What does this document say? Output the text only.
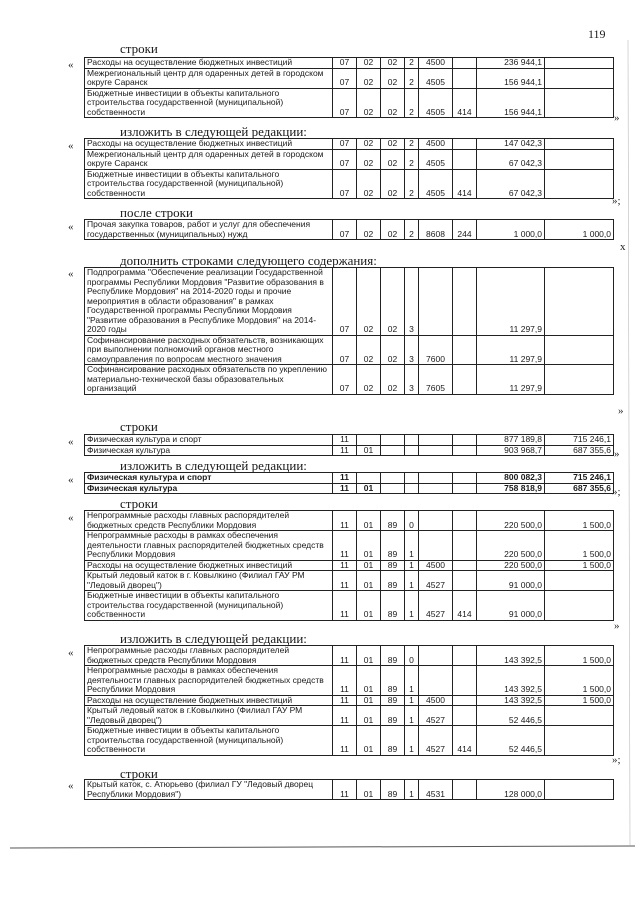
119
строки
изложить в следующей редакции:
после строки
дополнить строками следующего содержания:
строки
изложить в следующей редакции:
строки
изложить в следующей редакции:
строки
«
»
«
»;
«
x
«
»
«
»
«
»;
«
»
«
»;
«
Расходы на осуществление бюджетных инвестиций	07	02	02	2	4500		236 944,1	
Межрегиональный центр для одаренных детей в городском округе Саранск	07	02	02	2	4505		156 944,1	
Бюджетные инвестиции в объекты капитального строительства государственной (муниципальной) собственности	07	02	02	2	4505	414	156 944,1	
Расходы на осуществление бюджетных инвестиций	07	02	02	2	4500		147 042,3	
Межрегиональный центр для одаренных детей в городском округе Саранск	07	02	02	2	4505		67 042,3	
Бюджетные инвестиции в объекты капитального строительства государственной (муниципальной) собственности	07	02	02	2	4505	414	67 042,3	
Прочая закупка товаров, работ и услуг для обеспечения государственных (муниципальных) нужд	07	02	02	2	8608	244	1 000,0	1 000,0
Подпрограмма "Обеспечение реализации Государственной программы Республики Мордовия "Развитие образования в Республике Мордовия" на 2014-2020 годы и прочие мероприятия в области образования" в рамках Государственной программы Республики Мордовия "Развитие образования в Республике Мордовия" на 2014-2020 годы	07	02	02	3			11 297,9	
Софинансирование расходных обязательств, возникающих при выполнении полномочий органов местного самоуправления по вопросам местного значения	07	02	02	3	7600		11 297,9	
Софинансирование расходных обязательств по укреплению материально-технической базы образовательных организаций	07	02	02	3	7605		11 297,9	
Физическая культура и спорт	11						877 189,8	715 246,1
Физическая культура	11	01					903 968,7	687 355,6
Физическая культура и спорт	11						800 082,3	715 246,1
Физическая культура	11	01					758 818,9	687 355,6
Непрограммные расходы главных распорядителей бюджетных средств Республики Мордовия	11	01	89	0			220 500,0	1 500,0
Непрограммные расходы в рамках обеспечения деятельности главных распорядителей бюджетных средств Республики Мордовия	11	01	89	1			220 500,0	1 500,0
Расходы на осуществление бюджетных инвестиций	11	01	89	1	4500		220 500,0	1 500,0
Крытый ледовый каток в г. Ковылкино (Филиал ГАУ РМ "Ледовый дворец")	11	01	89	1	4527		91 000,0	
Бюджетные инвестиции в объекты капитального строительства государственной (муниципальной) собственности	11	01	89	1	4527	414	91 000,0	
Непрограммные расходы главных распорядителей бюджетных средств Республики Мордовия	11	01	89	0			143 392,5	1 500,0
Непрограммные расходы в рамках обеспечения деятельности главных распорядителей бюджетных средств Республики Мордовия	11	01	89	1			143 392,5	1 500,0
Расходы на осуществление бюджетных инвестиций	11	01	89	1	4500		143 392,5	1 500,0
Крытый ледовый каток в г.Ковылкино (Филиал ГАУ РМ "Ледовый дворец")	11	01	89	1	4527		52 446,5	
Бюджетные инвестиции в объекты капитального строительства государственной (муниципальной) собственности	11	01	89	1	4527	414	52 446,5	
Крытый каток, с. Атюрьево (филиал ГУ "Ледовый дворец Республики Мордовия")	11	01	89	1	4531		128 000,0	
